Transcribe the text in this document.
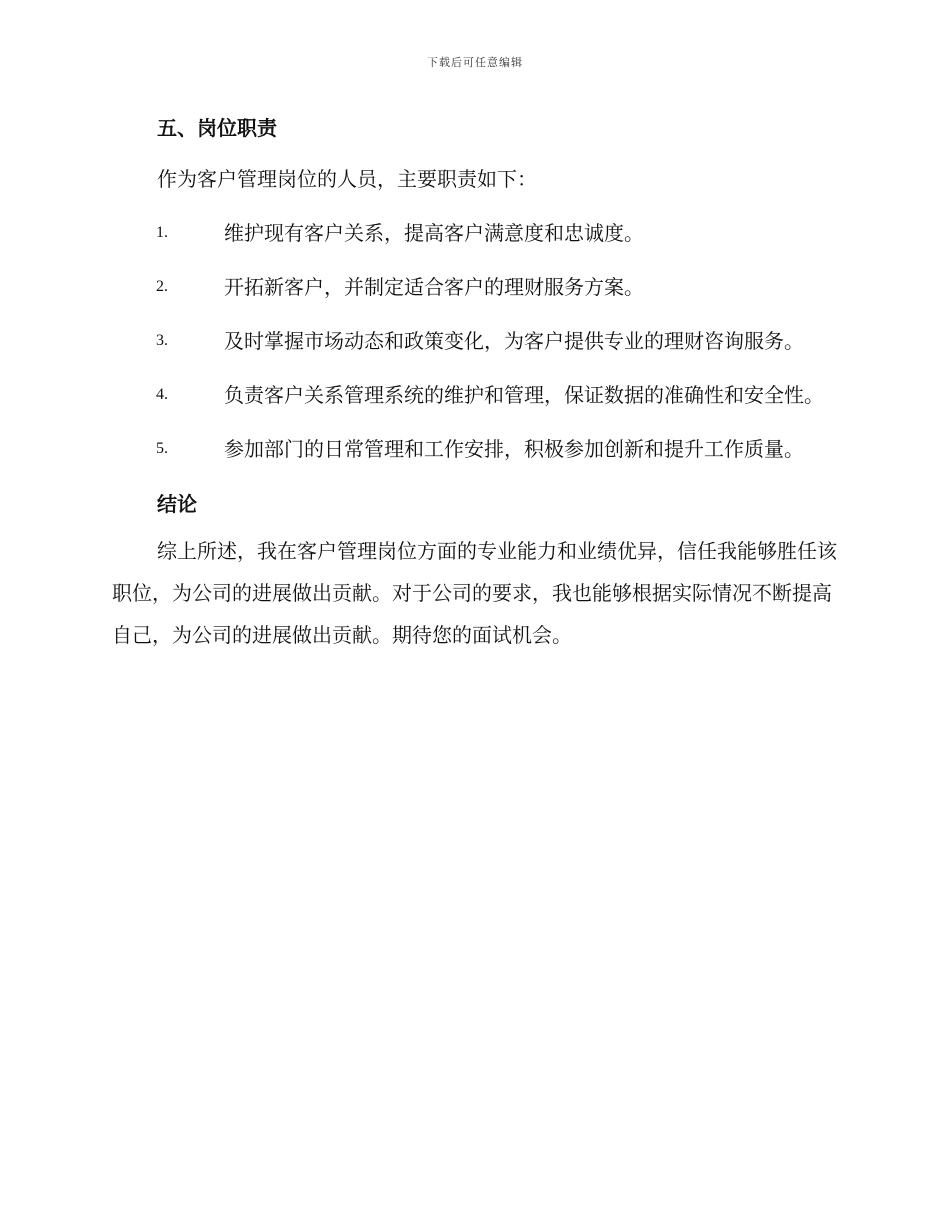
下载后可任意编辑
五、岗位职责

作为客户管理岗位的人员，主要职责如下：

1.	维护现有客户关系，提高客户满意度和忠诚度。
2.	开拓新客户，并制定适合客户的理财服务方案。
3.	及时掌握市场动态和政策变化，为客户提供专业的理财咨询服务。
4.	负责客户关系管理系统的维护和管理，保证数据的准确性和安全性。
5.	参加部门的日常管理和工作安排，积极参加创新和提升工作质量。
结论

综上所述，我在客户管理岗位方面的专业能力和业绩优异，信任我能够胜任该职位，为公司的进展做出贡献。对于公司的要求，我也能够根据实际情况不断提高自己，为公司的进展做出贡献。期待您的面试机会。
